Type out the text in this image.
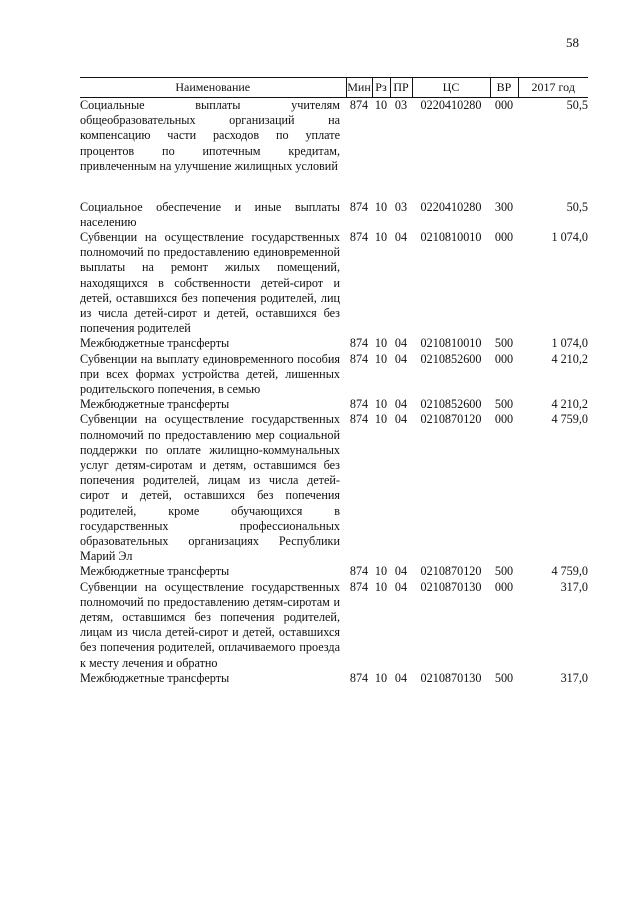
58
Наименование	Мин	Рз	ПР	ЦС	ВР	2017 год
Социальные выплаты учителям общеобразовательных организаций на компенсацию части расходов по уплате процентов по ипотечным кредитам, привлеченным на улучшение жилищных условий	874	10	03	0220410280	000	50,5
Социальное обеспечение и иные выплаты населению	874	10	03	0220410280	300	50,5
Субвенции на осуществление государственных полномочий по предоставлению единовременной выплаты на ремонт жилых помещений, находящихся в собственности детей-сирот и детей, оставшихся без попечения родителей, лиц из числа детей-сирот и детей, оставшихся без попечения родителей	874	10	04	0210810010	000	1 074,0
Межбюджетные трансферты	874	10	04	0210810010	500	1 074,0
Субвенции на выплату единовременного пособия при всех формах устройства детей, лишенных родительского попечения, в семью	874	10	04	0210852600	000	4 210,2
Межбюджетные трансферты	874	10	04	0210852600	500	4 210,2
Субвенции на осуществление государственных полномочий по предоставлению мер социальной поддержки по оплате жилищно-коммунальных услуг детям-сиротам и детям, оставшимся без попечения родителей, лицам из числа детей-сирот и детей, оставшихся без попечения родителей, кроме обучающихся в государственных профессиональных образовательных организациях Республики Марий Эл	874	10	04	0210870120	000	4 759,0
Межбюджетные трансферты	874	10	04	0210870120	500	4 759,0
Субвенции на осуществление государственных полномочий по предоставлению детям-сиротам и детям, оставшимся без попечения родителей, лицам из числа детей-сирот и детей, оставшихся без попечения родителей, оплачиваемого проезда к месту лечения и обратно	874	10	04	0210870130	000	317,0
Межбюджетные трансферты	874	10	04	0210870130	500	317,0
